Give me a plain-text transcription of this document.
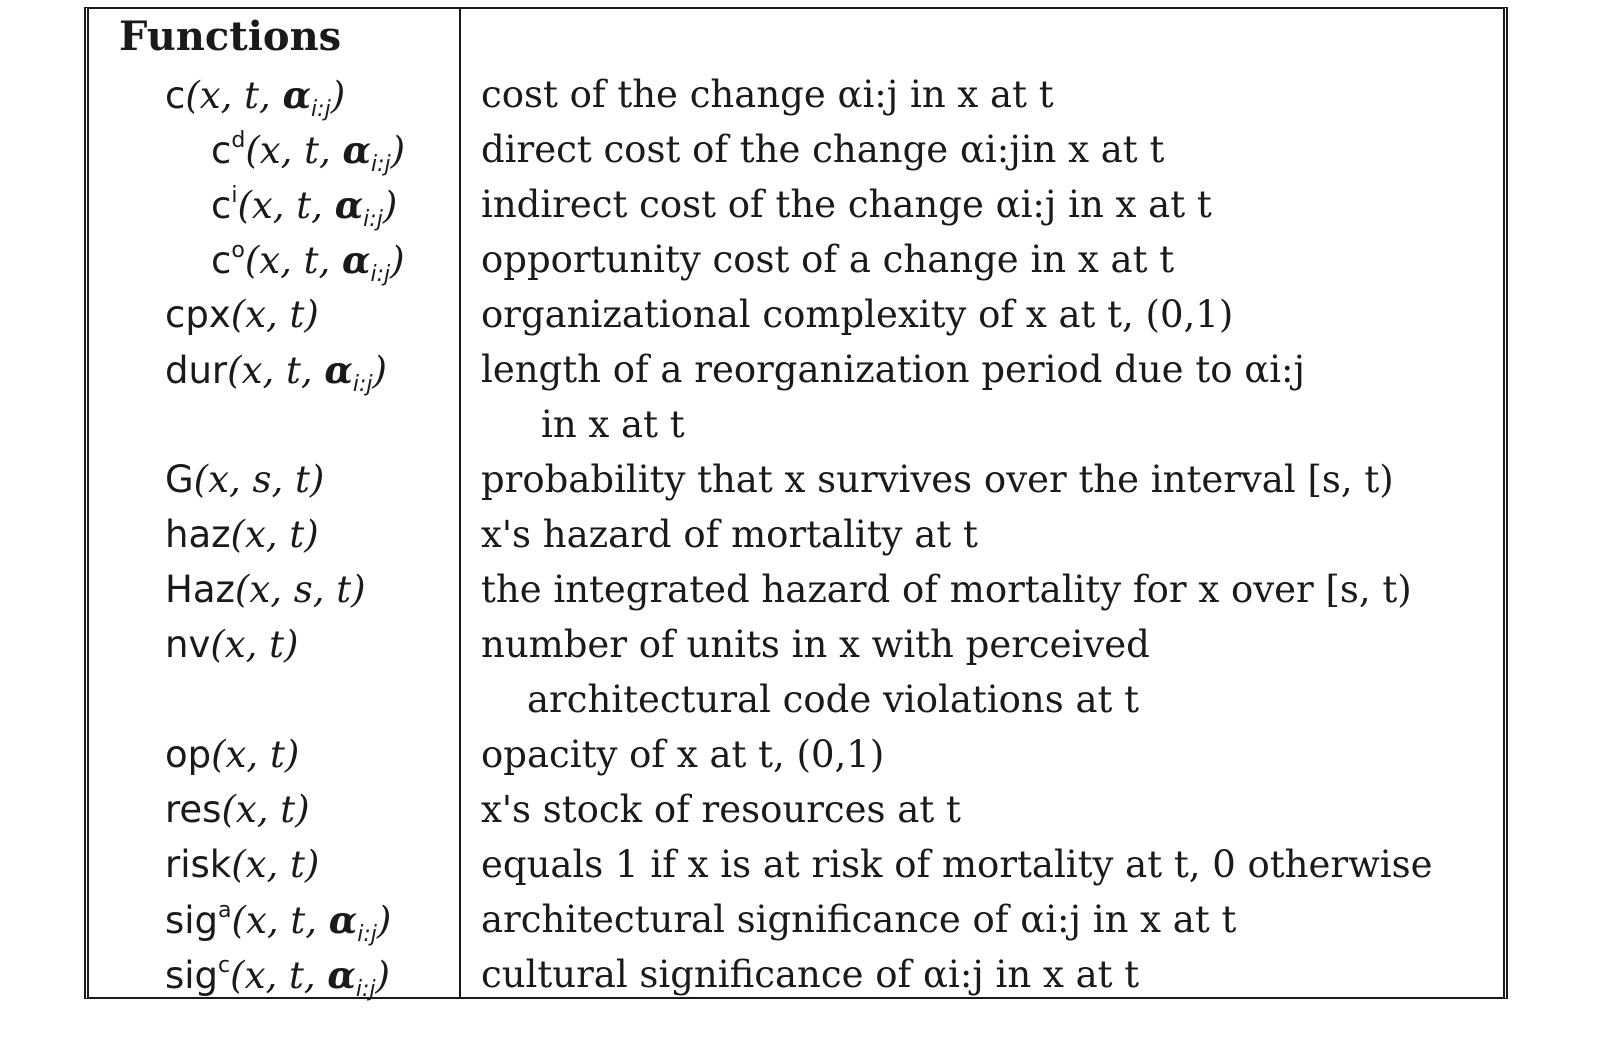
Functions
c(x, t, $\alpha_{i:j}$)	cost of the change αi:j in x at t
$c^d(x$, t, $\alpha_{i:j}$) direct cost of the change αi:jin x at t
$c^i(x$, t, $\alpha_{i:j}$) indirect cost of the change αi:j in x at t
$c^o(x$, t, $\alpha_{i:j}$) opportunity cost of a change in x at t
cpx(x, t)	organizational complexity of x at t, (0,1)
dur(x, t, $\alpha_{i:j}$)	length of a reorganization period due to αi:j
in x at t
G(x, s, t)	probability that x survives over the interval [s, t)
haz(x, t)	x's hazard of mortality at t
Haz(x, s, t)	the integrated hazard of mortality for x over [s, t)
nv(x, t)	number of units in x with perceived
architectural code violations at t
op(x, t)	opacity of x at t, (0,1)
res(x, t)	x's stock of resources at t
risk(x, t)	equals 1 if x is at risk of mortality at t, 0 otherwise
sig$^a$(x, t, $\alpha_{i:j}$) architectural significance of αi:j in x at t
sig$^c$(x, t, $\alpha_{i:j}$) cultural significance of αi:j in x at t
